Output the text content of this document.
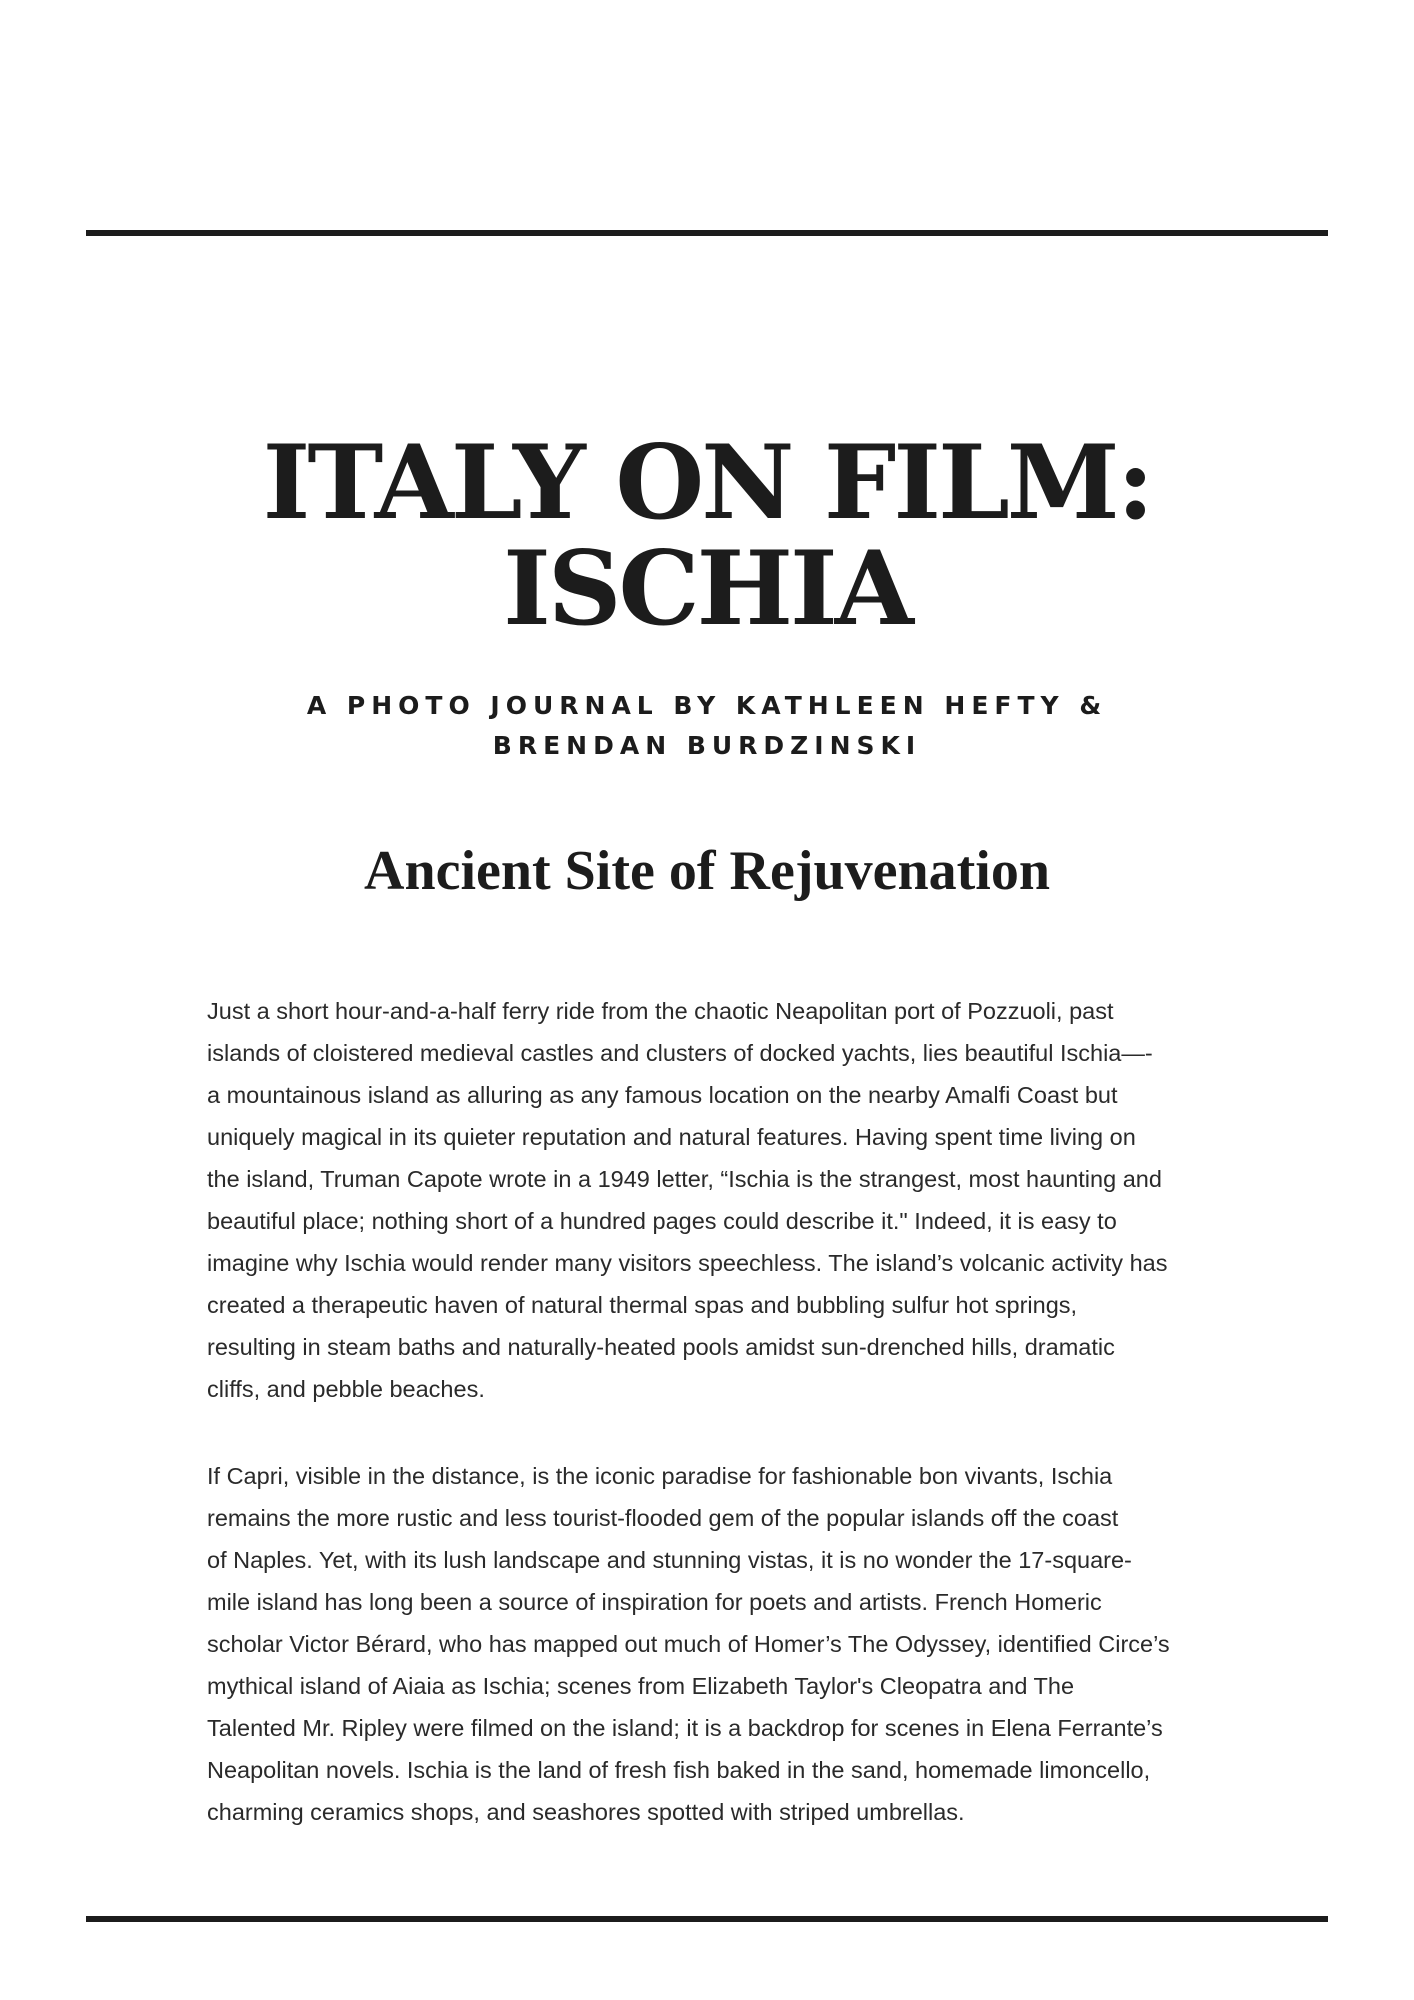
ITALY ON FILM:
ISCHIA
A PHOTO JOURNAL BY KATHLEEN HEFTY &
BRENDAN BURDZINSKI
Ancient Site of Rejuvenation

Just a short hour-and-a-half ferry ride from the chaotic Neapolitan port of Pozzuoli, past
islands of cloistered medieval castles and clusters of docked yachts, lies beautiful Ischia—-
a mountainous island as alluring as any famous location on the nearby Amalfi Coast but
uniquely magical in its quieter reputation and natural features. Having spent time living on
the island, Truman Capote wrote in a 1949 letter, “Ischia is the strangest, most haunting and
beautiful place; nothing short of a hundred pages could describe it." Indeed, it is easy to
imagine why Ischia would render many visitors speechless. The island’s volcanic activity has
created a therapeutic haven of natural thermal spas and bubbling sulfur hot springs,
resulting in steam baths and naturally-heated pools amidst sun-drenched hills, dramatic
cliffs, and pebble beaches.

If Capri, visible in the distance, is the iconic paradise for fashionable bon vivants, Ischia
remains the more rustic and less tourist-flooded gem of the popular islands off the coast
of Naples. Yet, with its lush landscape and stunning vistas, it is no wonder the 17-square-
mile island has long been a source of inspiration for poets and artists. French Homeric
scholar Victor Bérard, who has mapped out much of Homer’s The Odyssey, identified Circe’s
mythical island of Aiaia as Ischia; scenes from Elizabeth Taylor's Cleopatra and The
Talented Mr. Ripley were filmed on the island; it is a backdrop for scenes in Elena Ferrante’s
Neapolitan novels. Ischia is the land of fresh fish baked in the sand, homemade limoncello,
charming ceramics shops, and seashores spotted with striped umbrellas.
